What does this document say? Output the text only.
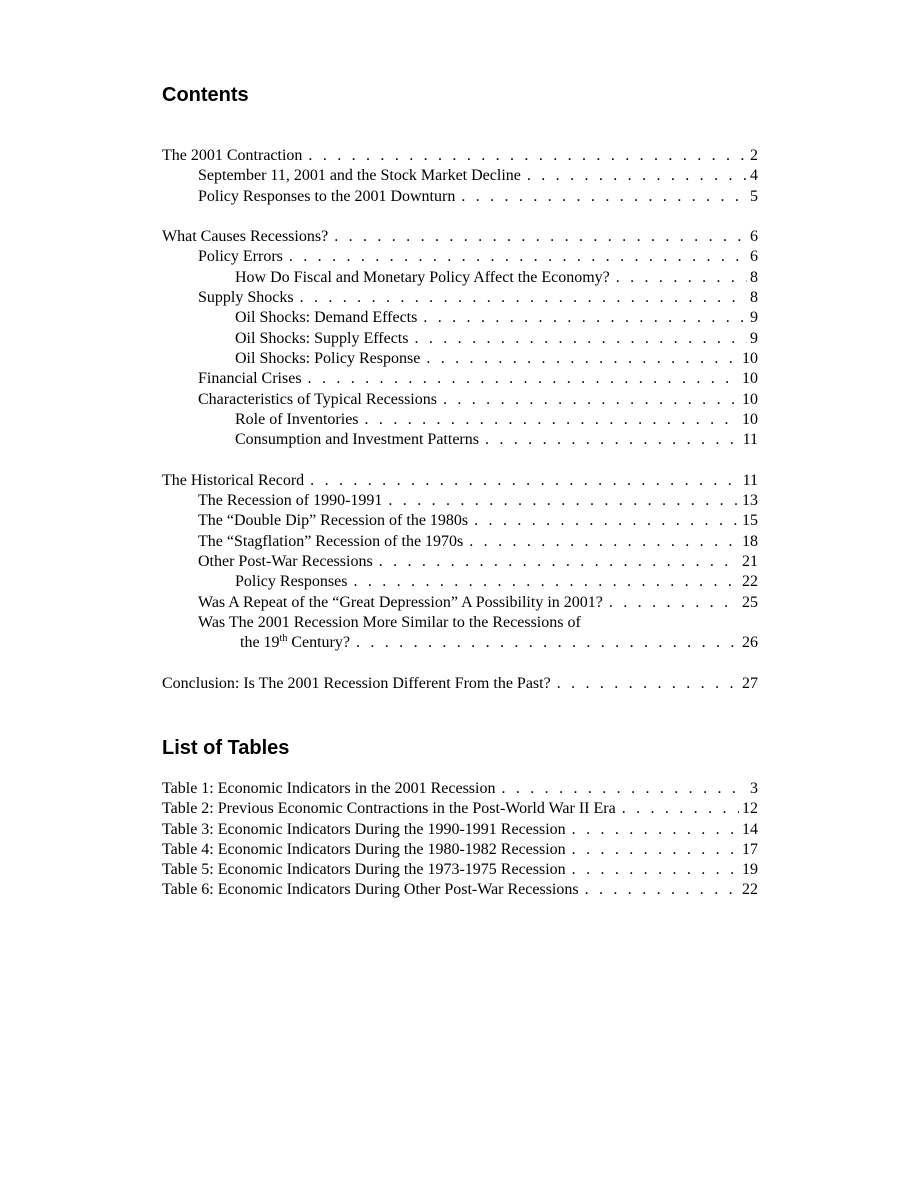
Contents
The 2001 Contraction . . .	2
September 11, 2001 and the Stock Market Decline . . .	4
Policy Responses to the 2001 Downturn . . .	5
What Causes Recessions? . . .	6
Policy Errors . . .	6
How Do Fiscal and Monetary Policy Affect the Economy? . . .	8
Supply Shocks . . .	8
Oil Shocks: Demand Effects . . .	9
Oil Shocks: Supply Effects . . .	9
Oil Shocks: Policy Response . . .	10
Financial Crises . . .	10
Characteristics of Typical Recessions . . .	10
Role of Inventories . . .	10
Consumption and Investment Patterns . . .	11
The Historical Record . . .	11
The Recession of 1990-1991 . . .	13
The “Double Dip” Recession of the 1980s . . .	15
The “Stagflation” Recession of the 1970s . . .	18
Other Post-War Recessions . . .	21
Policy Responses . . .	22
Was A Repeat of the “Great Depression” A Possibility in 2001? . . .	25
Was The 2001 Recession More Similar to the Recessions of
the 19th Century? . . .	26
Conclusion: Is The 2001 Recession Different From the Past? . . .	27
List of Tables
Table 1: Economic Indicators in the 2001 Recession . . .	3
Table 2: Previous Economic Contractions in the Post-World War II Era . . .	12
Table 3: Economic Indicators During the 1990-1991 Recession . . .	14
Table 4: Economic Indicators During the 1980-1982 Recession . . .	17
Table 5: Economic Indicators During the 1973-1975 Recession . . .	19
Table 6: Economic Indicators During Other Post-War Recessions . . .	22
